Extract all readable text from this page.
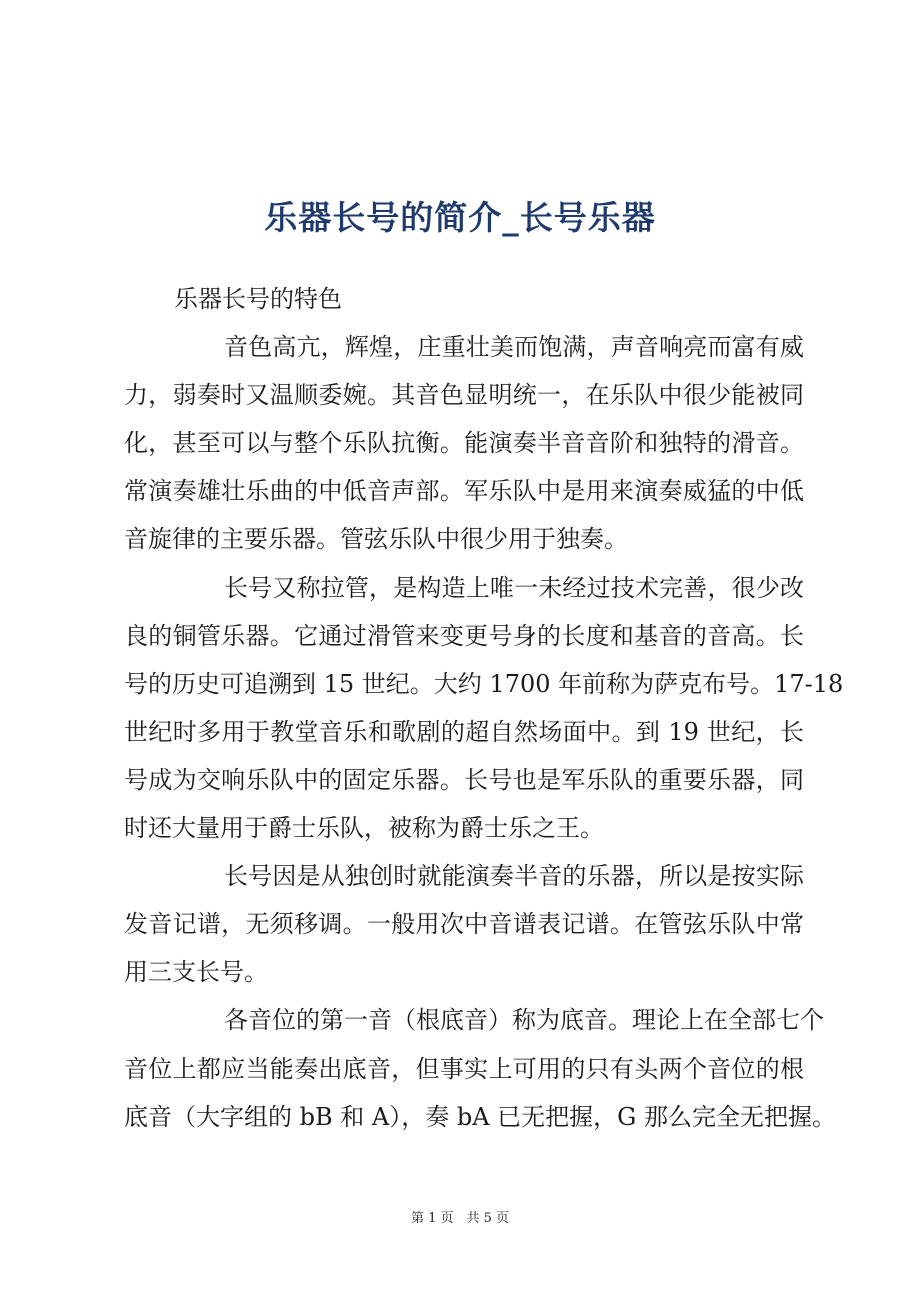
乐器长号的简介_长号乐器
乐器长号的特色
音色高亢，辉煌，庄重壮美而饱满，声音响亮而富有威
力，弱奏时又温顺委婉。其音色显明统一，在乐队中很少能被同
化，甚至可以与整个乐队抗衡。能演奏半音音阶和独特的滑音。
常演奏雄壮乐曲的中低音声部。军乐队中是用来演奏威猛的中低
音旋律的主要乐器。管弦乐队中很少用于独奏。
长号又称拉管，是构造上唯一未经过技术完善，很少改
良的铜管乐器。它通过滑管来变更号身的长度和基音的音高。长
号的历史可追溯到 15 世纪。大约 1700 年前称为萨克布号。17-18
世纪时多用于教堂音乐和歌剧的超自然场面中。到 19 世纪，长
号成为交响乐队中的固定乐器。长号也是军乐队的重要乐器，同
时还大量用于爵士乐队，被称为爵士乐之王。
长号因是从独创时就能演奏半音的乐器，所以是按实际
发音记谱，无须移调。一般用次中音谱表记谱。在管弦乐队中常
用三支长号。
各音位的第一音（根底音）称为底音。理论上在全部七个
音位上都应当能奏出底音，但事实上可用的只有头两个音位的根
底音（大字组的 bB 和 A），奏 bA 已无把握，G 那么完全无把握。
第 1 页　共 5 页
